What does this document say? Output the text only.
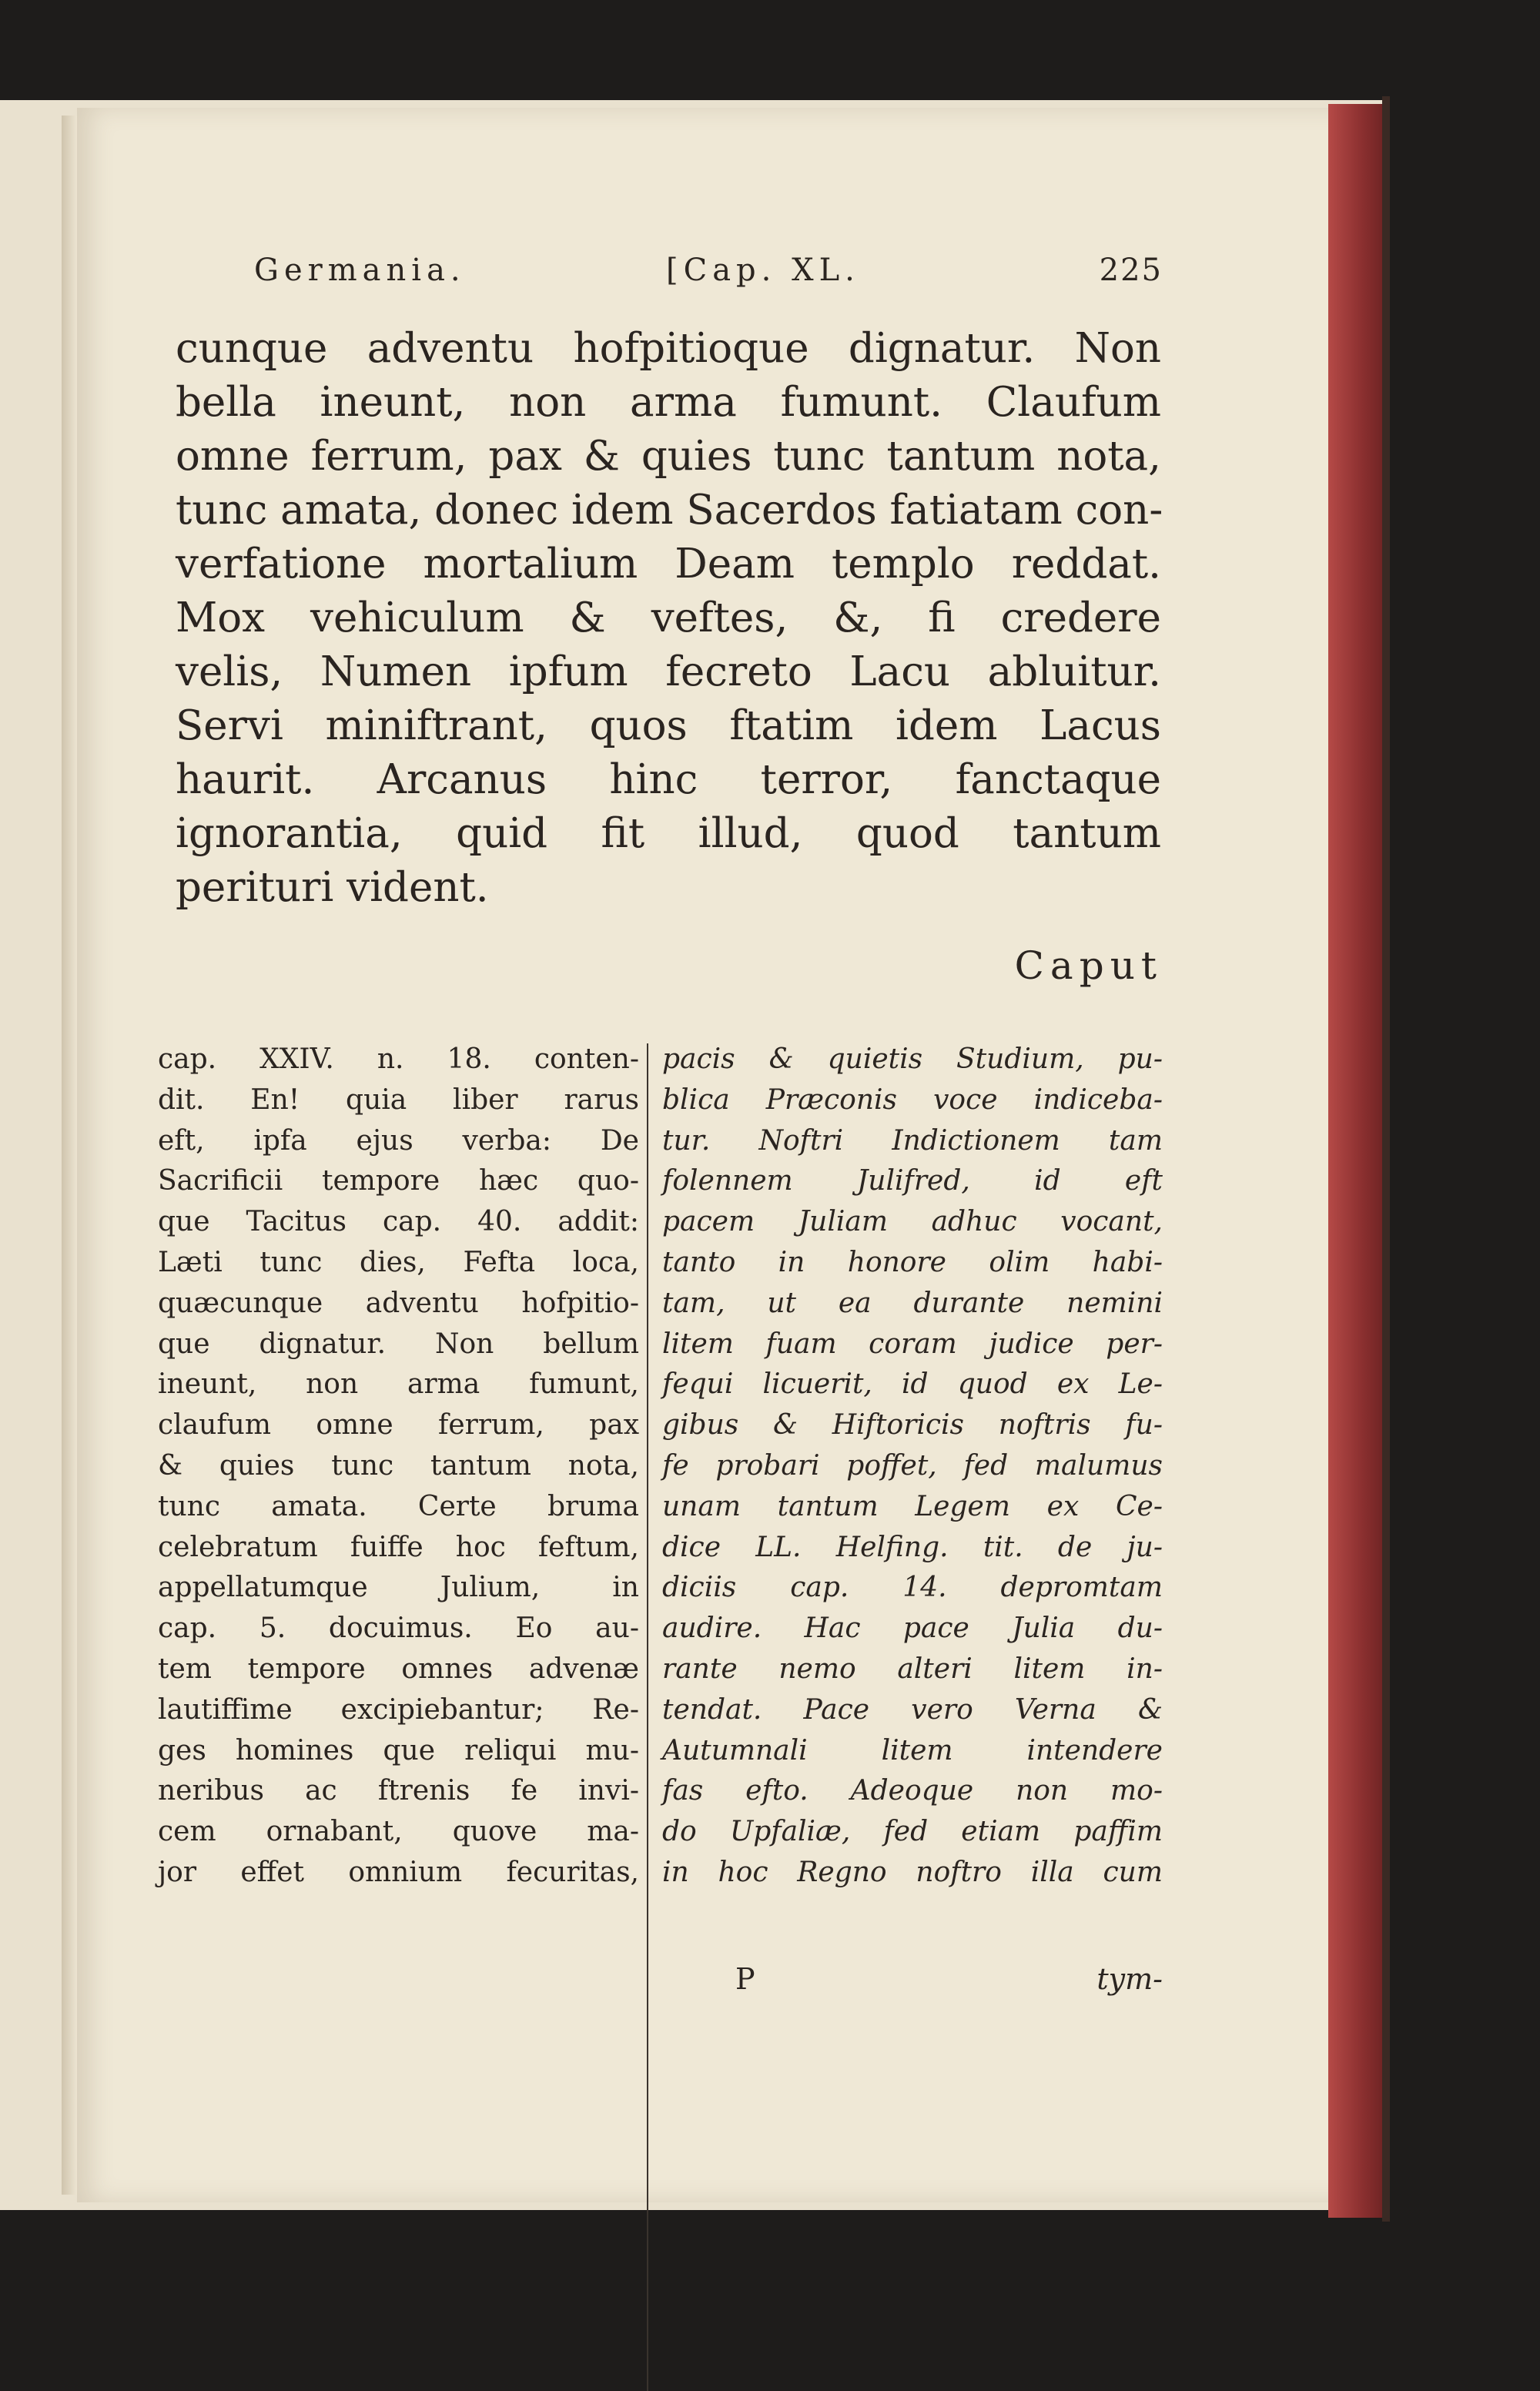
Germania.	[Cap. XL.	225
cunque adventu hofpitioque dignatur. Non
bella ineunt, non arma fumunt. Claufum
omne ferrum, pax & quies tunc tantum nota,
tunc amata, donec idem Sacerdos fatiatam con-
verfatione mortalium Deam templo reddat.
Mox vehiculum & veftes, &, fi credere
velis, Numen ipfum fecreto Lacu abluitur.
Servi miniftrant, quos ftatim idem Lacus
haurit. Arcanus hinc terror, fanctaque
ignorantia, quid fit illud, quod tantum
perituri vident.
Caput
cap. XXIV. n. 18. conten-
dit. En! quia liber rarus
eft, ipfa ejus verba: De
Sacrificii tempore hæc quo-
que Tacitus cap. 40. addit:
Læti tunc dies, Fefta loca,
quæcunque adventu hofpitio-
que dignatur. Non bellum
ineunt, non arma fumunt,
claufum omne ferrum, pax
& quies tunc tantum nota,
tunc amata. Certe bruma
celebratum fuiffe hoc feftum,
appellatumque Julium, in
cap. 5. docuimus. Eo au-
tem tempore omnes advenæ
lautiffime excipiebantur; Re-
ges homines que reliqui mu-
neribus ac ftrenis fe invi-
cem ornabant, quove ma-
jor effet omnium fecuritas,
pacis & quietis Studium, pu-
blica Præconis voce indiceba-
tur. Noftri Indictionem tam
folennem Julifred, id eft
pacem Juliam adhuc vocant,
tanto in honore olim habi-
tam, ut ea durante nemini
litem fuam coram judice per-
fequi licuerit, id quod ex Le-
gibus & Hiftoricis noftris fu-
fe probari poffet, fed malumus
unam tantum Legem ex Ce-
dice LL. Helfing. tit. de ju-
diciis cap. 14. depromtam
audire. Hac pace Julia du-
rante nemo alteri litem in-
tendat. Pace vero Verna &
Autumnali litem intendere
fas efto. Adeoque non mo-
do Upfaliæ, fed etiam paffim
in hoc Regno noftro illa cum
P	tym-
